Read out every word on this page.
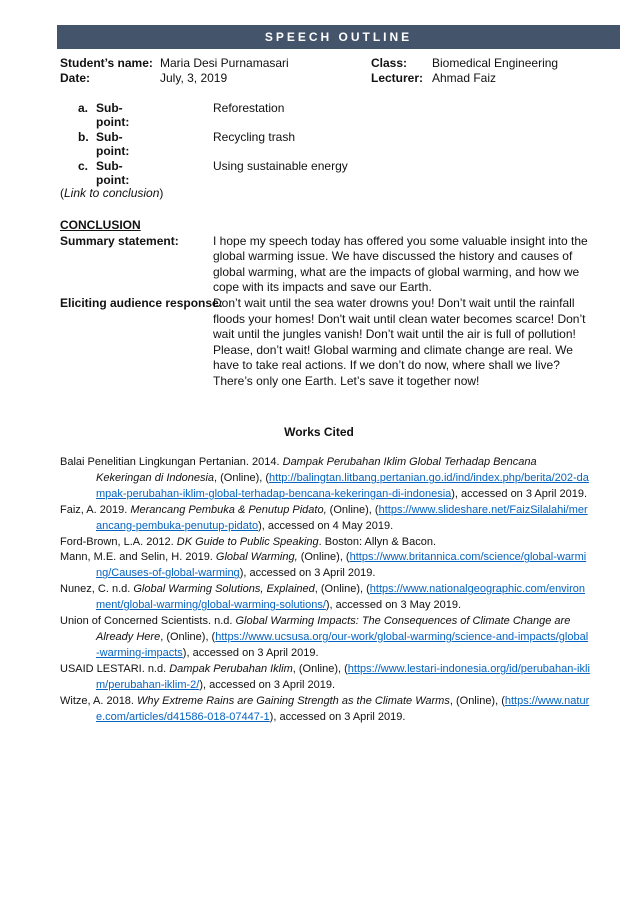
SPEECH OUTLINE
Student’s name: Maria Desi Purnamasari	Class: Biomedical Engineering
Date:	July, 3, 2019	Lecturer: Ahmad Faiz
a. Sub-point:
Reforestation
b. Sub-point:
Recycling trash
c. Sub-point:
Using sustainable energy
(Link to conclusion)
CONCLUSION
Summary statement:	I hope my speech today has offered you some valuable insight into the global warming issue. We have discussed the history and causes of global warming, what are the impacts of global warming, and how we cope with its impacts and save our Earth.
Eliciting audience response:
Don’t wait until the sea water drowns you! Don’t wait until the rainfall floods your homes! Don't wait until clean water becomes scarce! Don’t wait until the jungles vanish! Don’t wait until the air is full of pollution! Please, don’t wait! Global warming and climate change are real. We have to take real actions. If we don’t do now, where shall we live? There’s only one Earth. Let’s save it together now!
Works Cited
Balai Penelitian Lingkungan Pertanian. 2014. Dampak Perubahan Iklim Global Terhadap Bencana Kekeringan di Indonesia, (Online), (http://balingtan.litbang.pertanian.go.id/ind/index.php/berita/202-dampak-perubahan-iklim-global-terhadap-bencana-kekeringan-di-indonesia), accessed on 3 April 2019.
Faiz, A. 2019. Merancang Pembuka & Penutup Pidato, (Online), (https://www.slideshare.net/FaizSilalahi/merancang-pembuka-penutup-pidato), accessed on 4 May 2019.
Ford-Brown, L.A. 2012. DK Guide to Public Speaking. Boston: Allyn & Bacon.
Mann, M.E. and Selin, H. 2019. Global Warming, (Online), (https://www.britannica.com/science/global-warming/Causes-of-global-warming), accessed on 3 April 2019.
Nunez, C. n.d. Global Warming Solutions, Explained, (Online), (https://www.nationalgeographic.com/environment/global-warming/global-warming-solutions/), accessed on 3 May 2019.
Union of Concerned Scientists. n.d. Global Warming Impacts: The Consequences of Climate Change are Already Here, (Online), (https://www.ucsusa.org/our-work/global-warming/science-and-impacts/global-warming-impacts), accessed on 3 April 2019.
USAID LESTARI. n.d. Dampak Perubahan Iklim, (Online), (https://www.lestari-indonesia.org/id/perubahan-iklim/perubahan-iklim-2/), accessed on 3 April 2019.
Witze, A. 2018. Why Extreme Rains are Gaining Strength as the Climate Warms, (Online), (https://www.nature.com/articles/d41586-018-07447-1), accessed on 3 April 2019.
